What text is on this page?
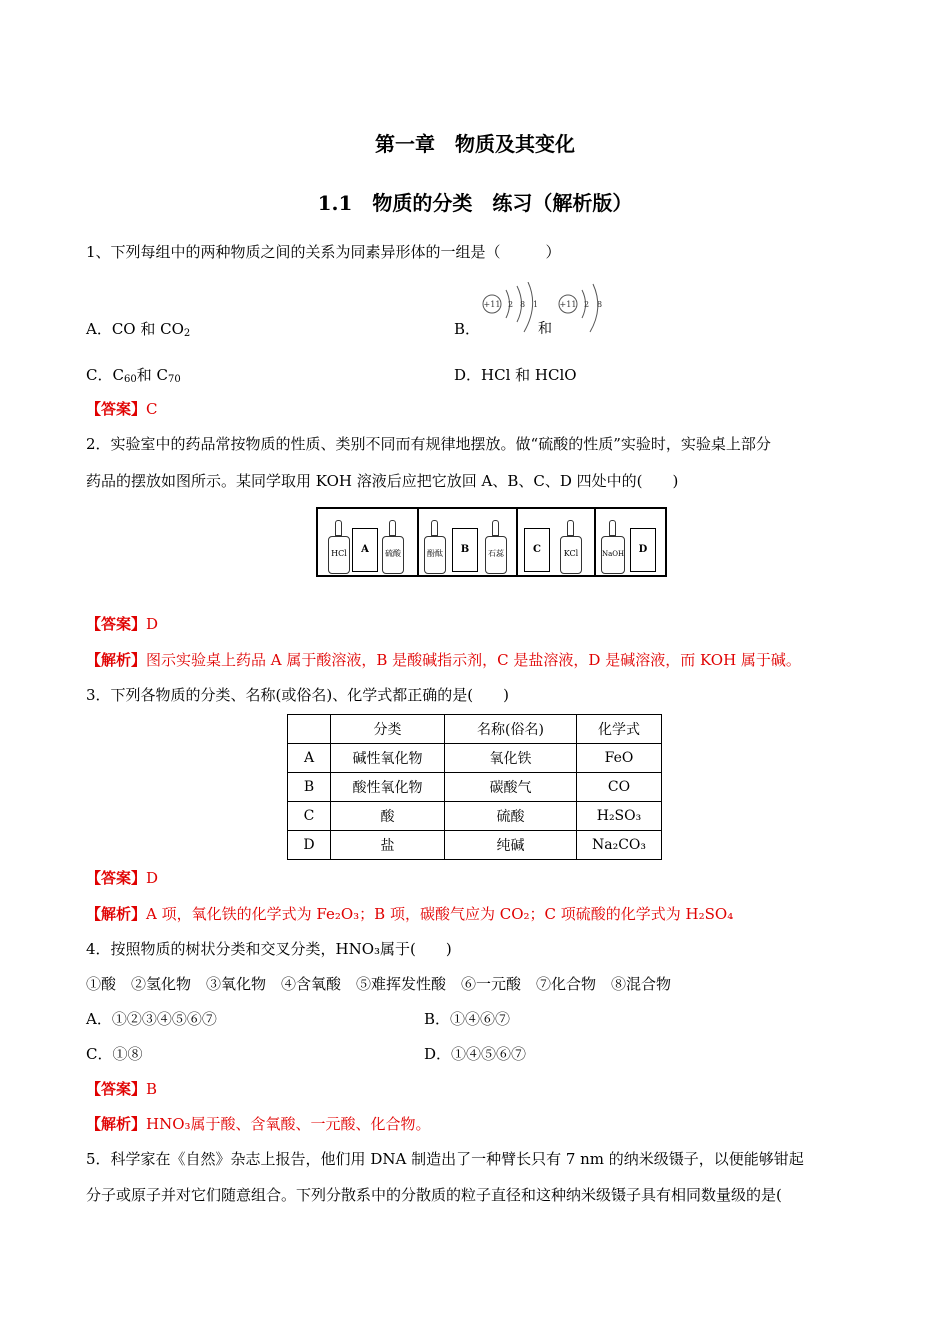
第一章　物质及其变化
1.1　物质的分类　练习（解析版）
1、下列每组中的两种物质之间的关系为同素异形体的一组是（　　　）
A．CO 和 $CO_2$	B．
+11 2 8 1	+11 2 8
和
C．$C_{60}$和 $C_{70}$	D．HCl 和 HClO
【答案】C
2．实验室中的药品常按物质的性质、类别不同而有规律地摆放。做“硫酸的性质”实验时，实验桌上部分
药品的摆放如图所示。某同学取用 KOH 溶液后应把它放回 A、B、C、D 四处中的(　　)
HCl	A	硫酸	酚酞	B	石蕊	C	KCl	NaOH	D
【答案】D
【解析】图示实验桌上药品 A 属于酸溶液，B 是酸碱指示剂，C 是盐溶液，D 是碱溶液，而 KOH 属于碱。
3．下列各物质的分类、名称(或俗名)、化学式都正确的是(　　)
	分类	名称(俗名)	化学式
A	碱性氧化物	氧化铁	FeO
B	酸性氧化物	碳酸气	CO
C	酸	硫酸	H₂SO₃
D	盐	纯碱	Na₂CO₃
【答案】D
【解析】A 项，氧化铁的化学式为 Fe₂O₃；B 项，碳酸气应为 CO₂；C 项硫酸的化学式为 H₂SO₄
4．按照物质的树状分类和交叉分类，HNO₃属于(　　)
①酸　②氢化物　③氧化物　④含氧酸　⑤难挥发性酸　⑥一元酸　⑦化合物　⑧混合物
A．①②③④⑤⑥⑦	B．①④⑥⑦
C．①⑧	D．①④⑤⑥⑦
【答案】B
【解析】HNO₃属于酸、含氧酸、一元酸、化合物。
5．科学家在《自然》杂志上报告，他们用 DNA 制造出了一种臂长只有 7 nm 的纳米级镊子，以便能够钳起
分子或原子并对它们随意组合。下列分散系中的分散质的粒子直径和这种纳米级镊子具有相同数量级的是(
